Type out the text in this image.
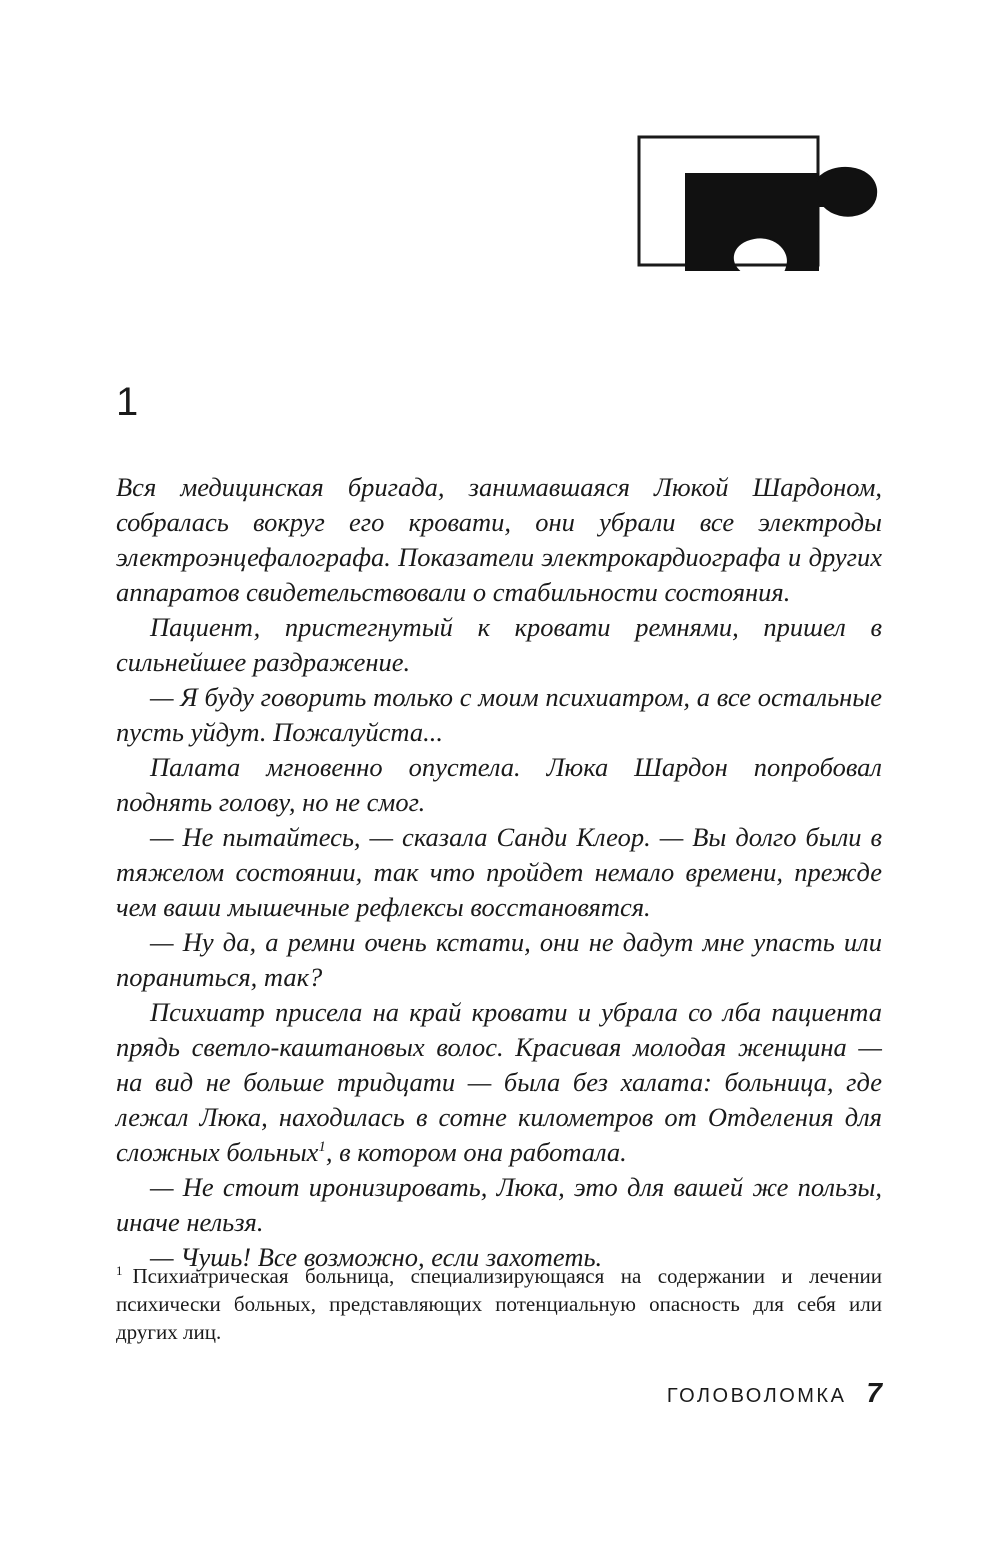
1

Вся медицинская бригада, занимавшаяся Люкой Шардоном, собралась вокруг его кровати, они убрали все электроды электроэнцефалографа. Показатели электрокардиографа и других аппаратов свидетельствовали о стабильности состояния.

Пациент, пристегнутый к кровати ремнями, пришел в сильнейшее раздражение.

— Я буду говорить только с моим психиатром, а все остальные пусть уйдут. Пожалуйста...

Палата мгновенно опустела. Люка Шардон попробовал поднять голову, но не смог.

— Не пытайтесь, — сказала Санди Клеор. — Вы долго были в тяжелом состоянии, так что пройдет немало времени, прежде чем ваши мышечные рефлексы восстановятся.

— Ну да, а ремни очень кстати, они не дадут мне упасть или пораниться, так?

Психиатр присела на край кровати и убрала со лба пациента прядь светло-каштановых волос. Красивая молодая женщина — на вид не больше тридцати — была без халата: больница, где лежал Люка, находилась в сотне километров от Отделения для сложных больных$^1$, в котором она работала.

— Не стоит иронизировать, Люка, это для вашей же пользы, иначе нельзя.

— Чушь! Все возможно, если захотеть.

$^1$ Психиатрическая больница, специализирующаяся на содержании и лечении психически больных, представляющих потенциальную опасность для себя или других лиц.
ГОЛОВОЛОМКА 7
